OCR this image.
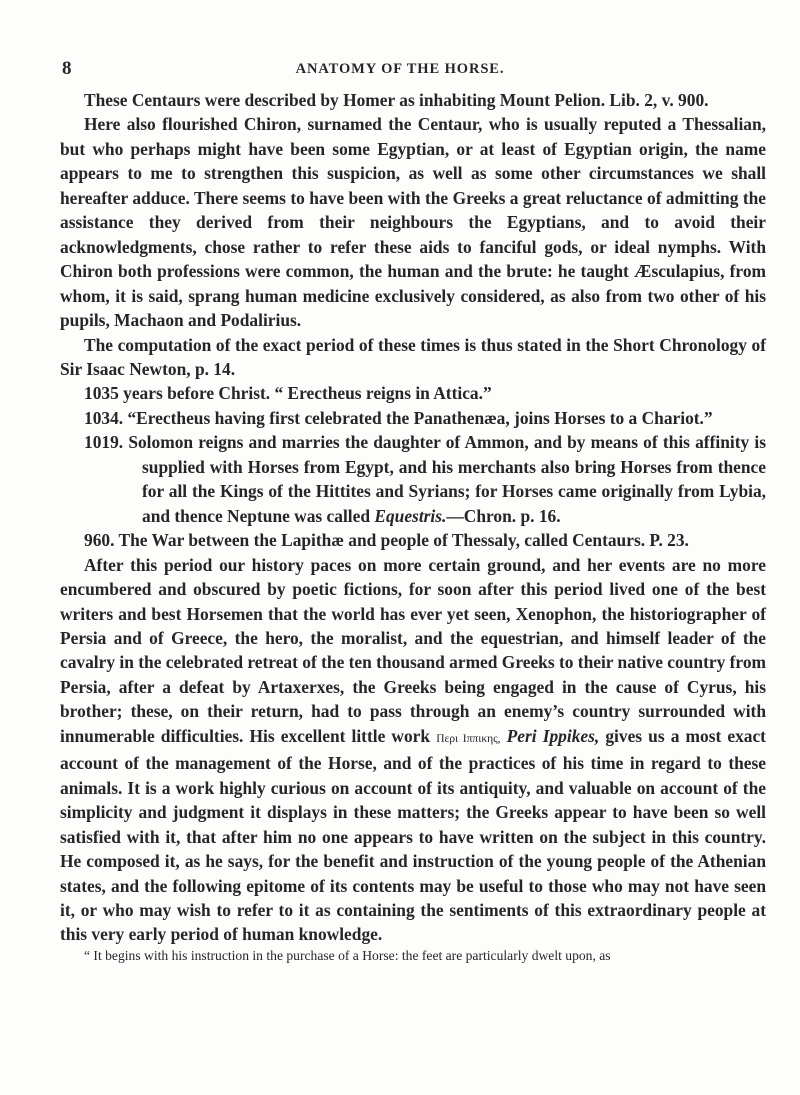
8	ANATOMY OF THE HORSE.

These Centaurs were described by Homer as inhabiting Mount Pelion. Lib. 2, v. 900.

Here also flourished Chiron, surnamed the Centaur, who is usually reputed a Thessalian, but who perhaps might have been some Egyptian, or at least of Egyptian origin, the name appears to me to strengthen this suspicion, as well as some other circumstances we shall hereafter adduce. There seems to have been with the Greeks a great reluctance of admitting the assistance they derived from their neighbours the Egyptians, and to avoid their acknowledgments, chose rather to refer these aids to fanciful gods, or ideal nymphs. With Chiron both professions were common, the human and the brute: he taught Æsculapius, from whom, it is said, sprang human medicine exclusively considered, as also from two other of his pupils, Machaon and Podalirius.

The computation of the exact period of these times is thus stated in the Short Chronology of Sir Isaac Newton, p. 14.

1035 years before Christ. “ Erectheus reigns in Attica.”

1034. “Erectheus having first celebrated the Panathenæa, joins Horses to a Chariot.”

1019. Solomon reigns and marries the daughter of Ammon, and by means of this affinity is supplied with Horses from Egypt, and his merchants also bring Horses from thence for all the Kings of the Hittites and Syrians; for Horses came originally from Lybia, and thence Neptune was called Equestris.—Chron. p. 16.

960. The War between the Lapithæ and people of Thessaly, called Centaurs. P. 23.

After this period our history paces on more certain ground, and her events are no more encumbered and obscured by poetic fictions, for soon after this period lived one of the best writers and best Horsemen that the world has ever yet seen, Xenophon, the historiographer of Persia and of Greece, the hero, the moralist, and the equestrian, and himself leader of the cavalry in the celebrated retreat of the ten thousand armed Greeks to their native country from Persia, after a defeat by Artaxerxes, the Greeks being engaged in the cause of Cyrus, his brother; these, on their return, had to pass through an enemy’s country surrounded with innumerable difficulties. His excellent little work Περι Ιππικης, Peri Ippikes, gives us a most exact account of the management of the Horse, and of the practices of his time in regard to these animals. It is a work highly curious on account of its antiquity, and valuable on account of the simplicity and judgment it displays in these matters; the Greeks appear to have been so well satisfied with it, that after him no one appears to have written on the subject in this country. He composed it, as he says, for the benefit and instruction of the young people of the Athenian states, and the following epitome of its contents may be useful to those who may not have seen it, or who may wish to refer to it as containing the sentiments of this extraordinary people at this very early period of human knowledge.

“ It begins with his instruction in the purchase of a Horse: the feet are particularly dwelt upon, as
